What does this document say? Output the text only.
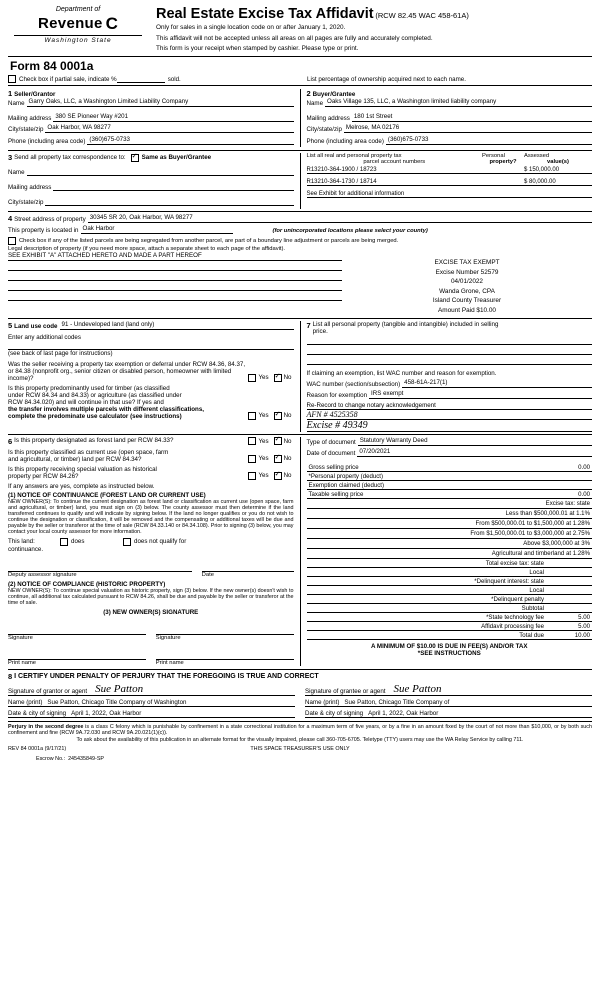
Department of
Revenue C
Washington State
Real Estate Excise Tax Affidavit (RCW 82.45 WAC 458-61A)

Only for sales in a single location code on or after January 1, 2020.

This affidavit will not be accepted unless all areas on all pages are fully and accurately completed.

This form is your receipt when stamped by cashier. Please type or print.

Form 84 0001a
Check box if partial sale, indicate %	sold.	List percentage of ownership acquired next to each name.
1 Seller/Grantor
Name Garry Oaks, LLC, a Washington Limited Liability Company
Mailing address 380 SE Pioneer Way #201
City/state/zip Oak Harbor, WA 98277
Phone (including area code) (360)675-0733
2 Buyer/Grantee
Name Oaks Village 135, LLC, a Washington limited liability company
Mailing address 180 1st Street
City/state/zip Melrose, MA 02176
Phone (including area code) (360)675-0733
3 Send all property tax correspondence to: ✓	Same as Buyer/Grantee
Name
Mailing address
City/state/zip
List all real and personal property tax
parcel account numbers
Personal
property?
Assessed
value(s)
R13210-364-1900 / 18723	$ 150,000.00
R13210-364-1730 / 18714	$ 80,000.00
See Exhibit for additional information
4 Street address of property 30345 SR 20, Oak Harbor, WA 98277
This property is located in Oak Harbor	(for unincorporated locations please select your county)
Check box if any of the listed parcels are being segregated from another parcel, are part of a boundary line adjustment or parcels are being merged.
Legal description of property (if you need more space, attach a separate sheet to each page of the affidavit).
SEE EXHIBIT "A" ATTACHED HERETO AND MADE A PART HEREOF
EXCISE TAX EXEMPT
Excise Number 52579
04/01/2022
Wanda Grone, CPA
Island County Treasurer
Amount Paid $10.00
5 Land use code 91 - Undeveloped land (land only)
Enter any additional codes
(see back of last page for instructions)
Was the seller receiving a property tax exemption or deferral under RCW 84.36, 84.37, or 84.38 (nonprofit org., senior citizen or disabled person, homeowner with limited income)?	Yes ✓ No
Is this property predominantly used for timber (as classified
under RCW 84.34 and 84.33) or agriculture (as classified under
RCW 84.34.020) and will continue in that use? If yes and
the transfer involves multiple parcels with different classifications,
complete the predominate use calculator (see instructions)	Yes ✓ No
7 List all personal property (tangible and intangible) included in selling
price.
If claiming an exemption, list WAC number and reason for exemption.
WAC number (section/subsection) 458-61A-217(1)
Reason for exemption IRS exempt
Re-Record to change notary acknowledgement
AFN # 4525358
Excise # 49349
6 Is this property designated as forest land per RCW 84.33?	Yes ✓ No
Is this property classified as current use (open space, farm
and agricultural, or timber) land per RCW 84.34?	Yes ✓ No
Is this property receiving special valuation as historical
property per RCW 84.26?	Yes ✓ No
If any answers are yes, complete as instructed below.
(1) NOTICE OF CONTINUANCE (FOREST LAND OR CURRENT USE)
NEW OWNER(S): To continue the current designation as forest land or classification as current use (open space, farm and agricultural, or timber) land, you must sign on (3) below. The county assessor must then determine if the land transferred continues to qualify and will indicate by signing below. If the land no longer qualifies or you do not wish to continue the designation or classification, it will be removed and the compensating or additional taxes will be due and payable by the seller or transferor at the time of sale (RCW 84.33.140 or 84.34.108). Prior to signing (3) below, you may contact your local county assessor for more information.
This land:	does	does not qualify for
continuance.
Deputy assessor signature	Date
(2) NOTICE OF COMPLIANCE (HISTORIC PROPERTY)
NEW OWNER(S): To continue special valuation as historic property, sign (3) below. If the new owner(s) doesn't wish to continue, all additional tax calculated pursuant to RCW 84.26, shall be due and payable by the seller or transferor at the time of sale.
(3) NEW OWNER(S) SIGNATURE
Signature	Signature
Print name	Print name
Type of document Statutory Warranty Deed
Date of document 07/20/2021
Gross selling price	0.00
*Personal property (deduct)
Exemption claimed (deduct)
Taxable selling price	0.00
Excise tax: state
Less than $500,000.01 at 1.1%
From $500,000.01 to $1,500,000 at 1.28%
From $1,500,000.01 to $3,000,000 at 2.75%
Above $3,000,000 at 3%
Agricultural and timberland at 1.28%
Total excise tax: state
Local
*Delinquent interest: state
Local
*Delinquent penalty
Subtotal
*State technology fee	5.00
Affidavit processing fee	5.00
Total due	10.00
A MINIMUM OF $10.00 IS DUE IN FEE(S) AND/OR TAX
*SEE INSTRUCTIONS
8 I CERTIFY UNDER PENALTY OF PERJURY THAT THE FOREGOING IS TRUE AND CORRECT
Signature of grantor or agent Sue Patton
Name (print) Sue Patton, Chicago Title Company of Washington
Date & city of signing April 1, 2022, Oak Harbor
Signature of grantee or agent Sue Patton
Name (print) Sue Patton, Chicago Title Company of
Date & city of signing April 1, 2022, Oak Harbor
Perjury in the second degree is a class C felony which is punishable by confinement in a state correctional institution for a maximum term of five years, or by a fine in an amount fixed by the court of not more than $10,000, or by both such confinement and fine (RCW 9A.72.030 and RCW 9A.20.021(1)(c)).
To ask about the availability of this publication in an alternate format for the visually impaired, please call 360-705-6705. Teletype (TTY) users may use the WA Relay Service by calling 711.
REV 84 0001a (9/17/21)	THIS SPACE TREASURER'S USE ONLY
Escrow No.: 245435849-SP
